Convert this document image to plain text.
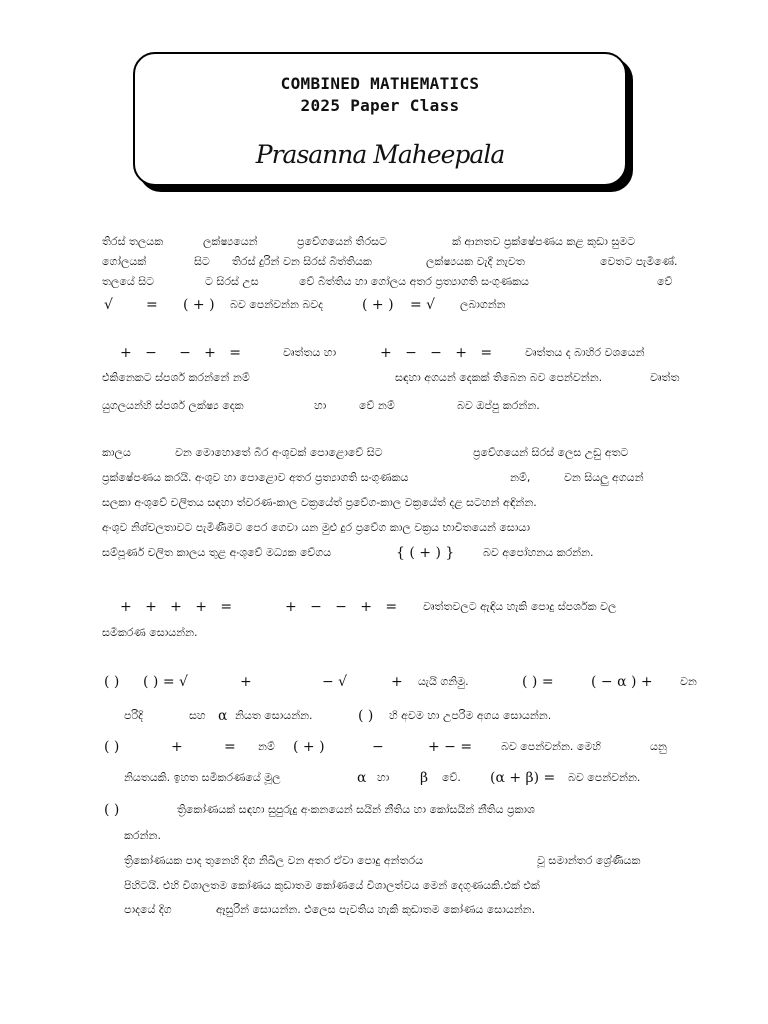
COMBINED MATHEMATICS
2025 Paper Class
Prasanna Maheepala
තිරස් තලයක	ලක්ෂ්‍යයෙන්	ප්‍රවේගයෙන් තිරසට	ක් ආනතව ප්‍රක්ෂේපණය කළ කුඩා සුමට
ගෝලයක්	සිට තිරස් දුරින් වන සිරස් බිත්තියක	ලක්ෂ්‍යයක වැදී නැවත	වෙතට පැමිණේ.
තලයේ සිට	ට සිරස් උස	වේ බිත්තිය හා ගෝලය අතර ප්‍රත්‍යාගති සංගුණකය	වේ
√ = ( + ) බව පෙන්වන්න බවද	( + ) = √ ලබාගන්න
+   −     −   +   =	වෘත්තය හා	+   −   −   +   =	වෘත්තය ද බාහිර වශයෙන්
එකිනෙකට ස්පර්ශ කරන්නේ නම්	සඳහා අගයන් දෙකක් තිබෙන බව පෙන්වන්න.	වෘත්ත
යුගලයන්හි ස්පර්ශ ලක්ෂ්‍ය දෙක	හා	වේ නම්	බව ඔප්පු කරන්න.
කාලය	වන මොහොතේ බිර අංශුවක් පොළොවේ සිට	ප්‍රවේගයෙන් සිරස් ලෙස උඩු අතට
ප්‍රක්ෂේපණය කරයි. අංශුව හා පොළොව අතර ප්‍රත්‍යාගති සංගුණකය	නම්,	වන සියලු අගයන්
සලකා අංශුවේ චලිතය සඳහා ත්වරණ-කාල වක්‍රයේත් ප්‍රවේග-කාල වක්‍රයේත් දළ සටහන් අඳින්න.
අංශුව නිශ්චලතාවට පැමිණීමට පෙර ගෙවා යන මුළු දුර ප්‍රවේග කාල වක්‍රය භාවිතයෙන් සොයා
සම්පූර්ණ චලිත කාලය තුළ අංශුවේ මධ්‍යක වේගය	{ ( + ) }	බව අපෝහනය කරන්න.
+   +   +   +   =	+   −   −   +   = වෘත්තවලට ඇඳිය හැකි පොදු ස්පර්ශක වල
සමීකරණ සොයන්න.
( ) ( ) = √	+	− √	+ යැයි ගනිමු.	( ) =	( − α ) + වන
පරිදි	සහ α නියත සොයන්න.	( ) හි අවම හා උපරිම අගය සොයන්න.
( )	+	= නම් ( + )	−	+ − =	බව පෙන්වන්න. මෙහි	යනු
නියතයකි. ඉහත සමීකරණයේ මූල	α හා β වේ. (α + β) = බව පෙන්වන්න.
( )	ත්‍රිකෝණයක් සඳහා සුපුරුදු අංකනයෙන් සයින් නීතිය හා කෝසයින් නීතිය ප්‍රකාශ
කරන්න.
ත්‍රිකෝණයක පාද තුනෙහි දිග නිඛිල වන අතර ඒවා පොදු අන්තරය	වූ සමාන්තර ශ්‍රේණියක
පිහිටයි. එහි විශාලතම කෝණය කුඩාතම කෝණයේ විශාලත්වය මෙන් දෙගුණයකි.එක් එක්
පාදයේ දිග	ඈසුරින් සොයන්න. එලෙස පැවතිය හැකි කුඩාතම කෝණය සොයන්න.
